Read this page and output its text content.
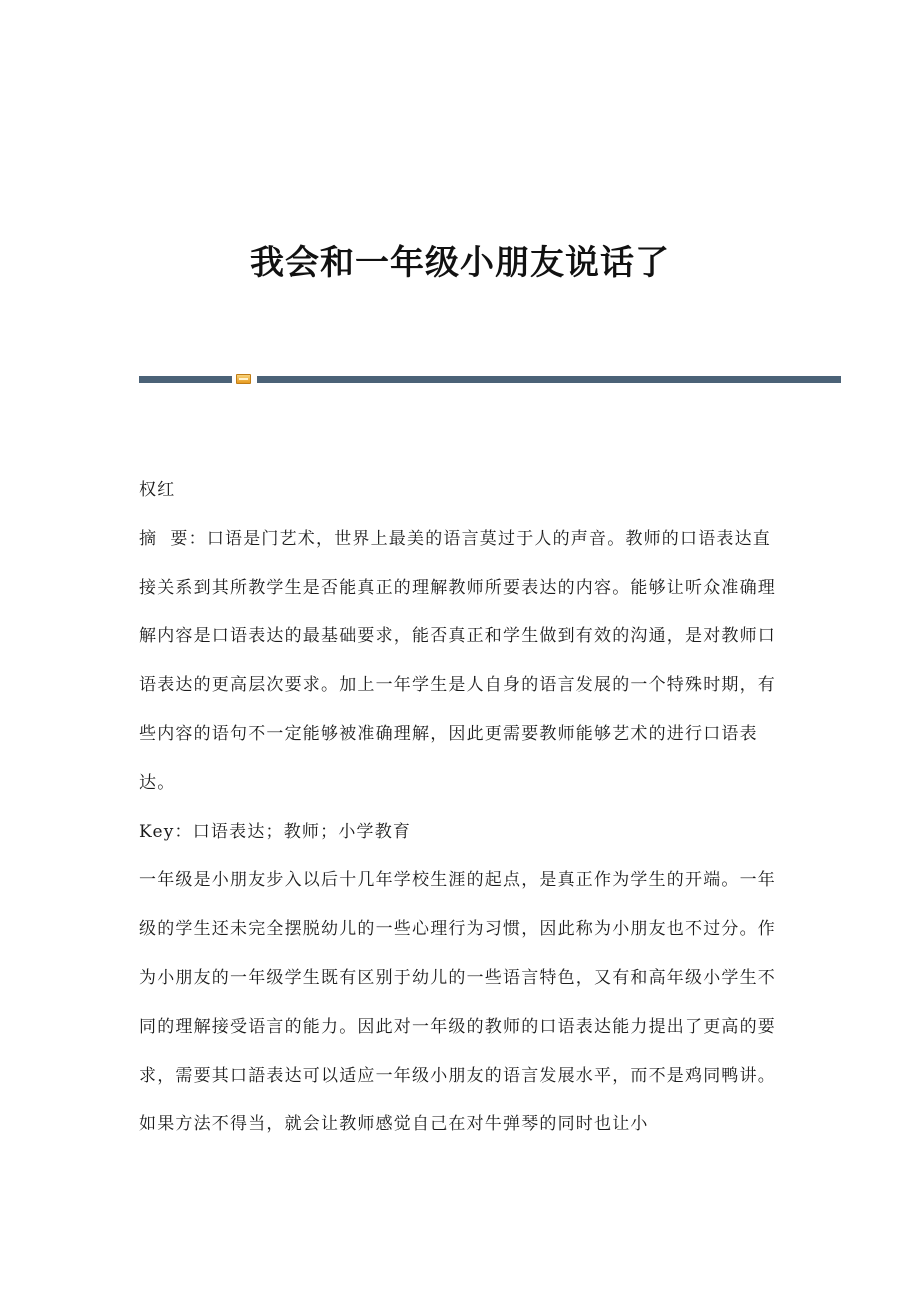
我会和一年级小朋友说话了

权红

摘  要：口语是门艺术，世界上最美的语言莫过于人的声音。教师的口语表达直接关系到其所教学生是否能真正的理解教师所要表达的内容。能够让听众准确理解内容是口语表达的最基础要求，能否真正和学生做到有效的沟通，是对教师口语表达的更高层次要求。加上一年学生是人自身的语言发展的一个特殊时期，有些内容的语句不一定能够被准确理解，因此更需要教师能够艺术的进行口语表达。

Key：口语表达；教师；小学教育

一年级是小朋友步入以后十几年学校生涯的起点，是真正作为学生的开端。一年级的学生还未完全摆脱幼儿的一些心理行为习惯，因此称为小朋友也不过分。作为小朋友的一年级学生既有区别于幼儿的一些语言特色，又有和高年级小学生不同的理解接受语言的能力。因此对一年级的教师的口语表达能力提出了更高的要求，需要其口語表达可以适应一年级小朋友的语言发展水平，而不是鸡同鸭讲。如果方法不得当，就会让教师感觉自己在对牛弹琴的同时也让小
